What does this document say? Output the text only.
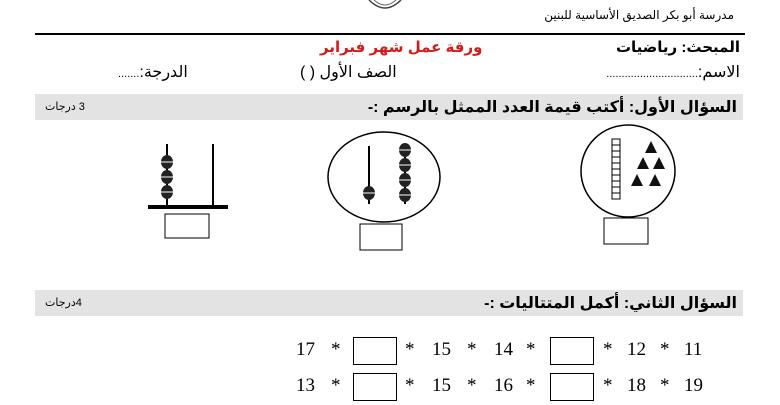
مدرسة أبو بكر الصديق الأساسية للبنين
المبحث: رياضيات
ورقة عمل شهر فبراير
الاسم:..............................
الصف الأول ( )
الدرجة:.......
السؤال الأول: أكتب قيمة العدد الممثل بالرسم :-
3 درجات
السؤال الثاني: أكمل المتتاليات :-
4درجات
17 *	* 15 * 14 *	* 12 * 11
13 *	* 15 * 16 *	* 18 * 19
